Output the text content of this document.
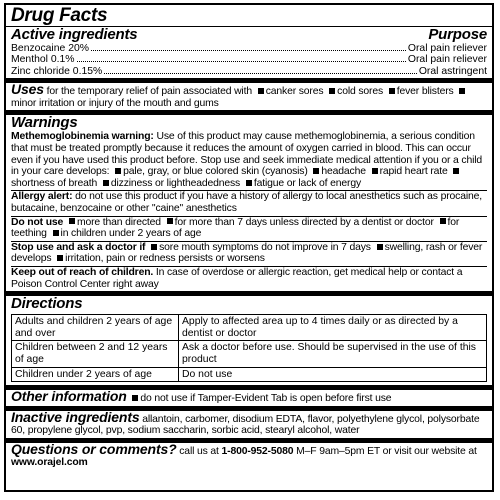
Drug Facts
Active ingredients	Purpose
Benzocaine 20%	Oral pain reliever
Menthol 0.1%	Oral pain reliever
Zinc chloride 0.15%	Oral astringent
Uses for the temporary relief of pain associated with canker sores cold sores fever blisters minor irritation or injury of the mouth and gums
Warnings
Methemoglobinemia warning: Use of this product may cause methemoglobinemia, a serious condition that must be treated promptly because it reduces the amount of oxygen carried in blood. This can occur even if you have used this product before. Stop use and seek immediate medical attention if you or a child in your care develops: pale, gray, or blue colored skin (cyanosis) headache rapid heart rate shortness of breath dizziness or lightheadedness fatigue or lack of energy
Allergy alert: do not use this product if you have a history of allergy to local anesthetics such as procaine, butacaine, benzocaine or other "caine" anesthetics
Do not use more than directed for more than 7 days unless directed by a dentist or doctor for teething in children under 2 years of age
Stop use and ask a doctor if sore mouth symptoms do not improve in 7 days swelling, rash or fever develops irritation, pain or redness persists or worsens
Keep out of reach of children. In case of overdose or allergic reaction, get medical help or contact a Poison Control Center right away
Directions
Adults and children 2 years of age and over	Apply to affected area up to 4 times daily or as directed by a dentist or doctor
Children between 2 and 12 years of age	Ask a doctor before use. Should be supervised in the use of this product
Children under 2 years of age	Do not use
Other information do not use if Tamper-Evident Tab is open before first use
Inactive ingredients allantoin, carbomer, disodium EDTA, flavor, polyethylene glycol, polysorbate 60, propylene glycol, pvp, sodium saccharin, sorbic acid, stearyl alcohol, water
Questions or comments? call us at 1-800-952-5080 M–F 9am–5pm ET or visit our website at www.orajel.com
